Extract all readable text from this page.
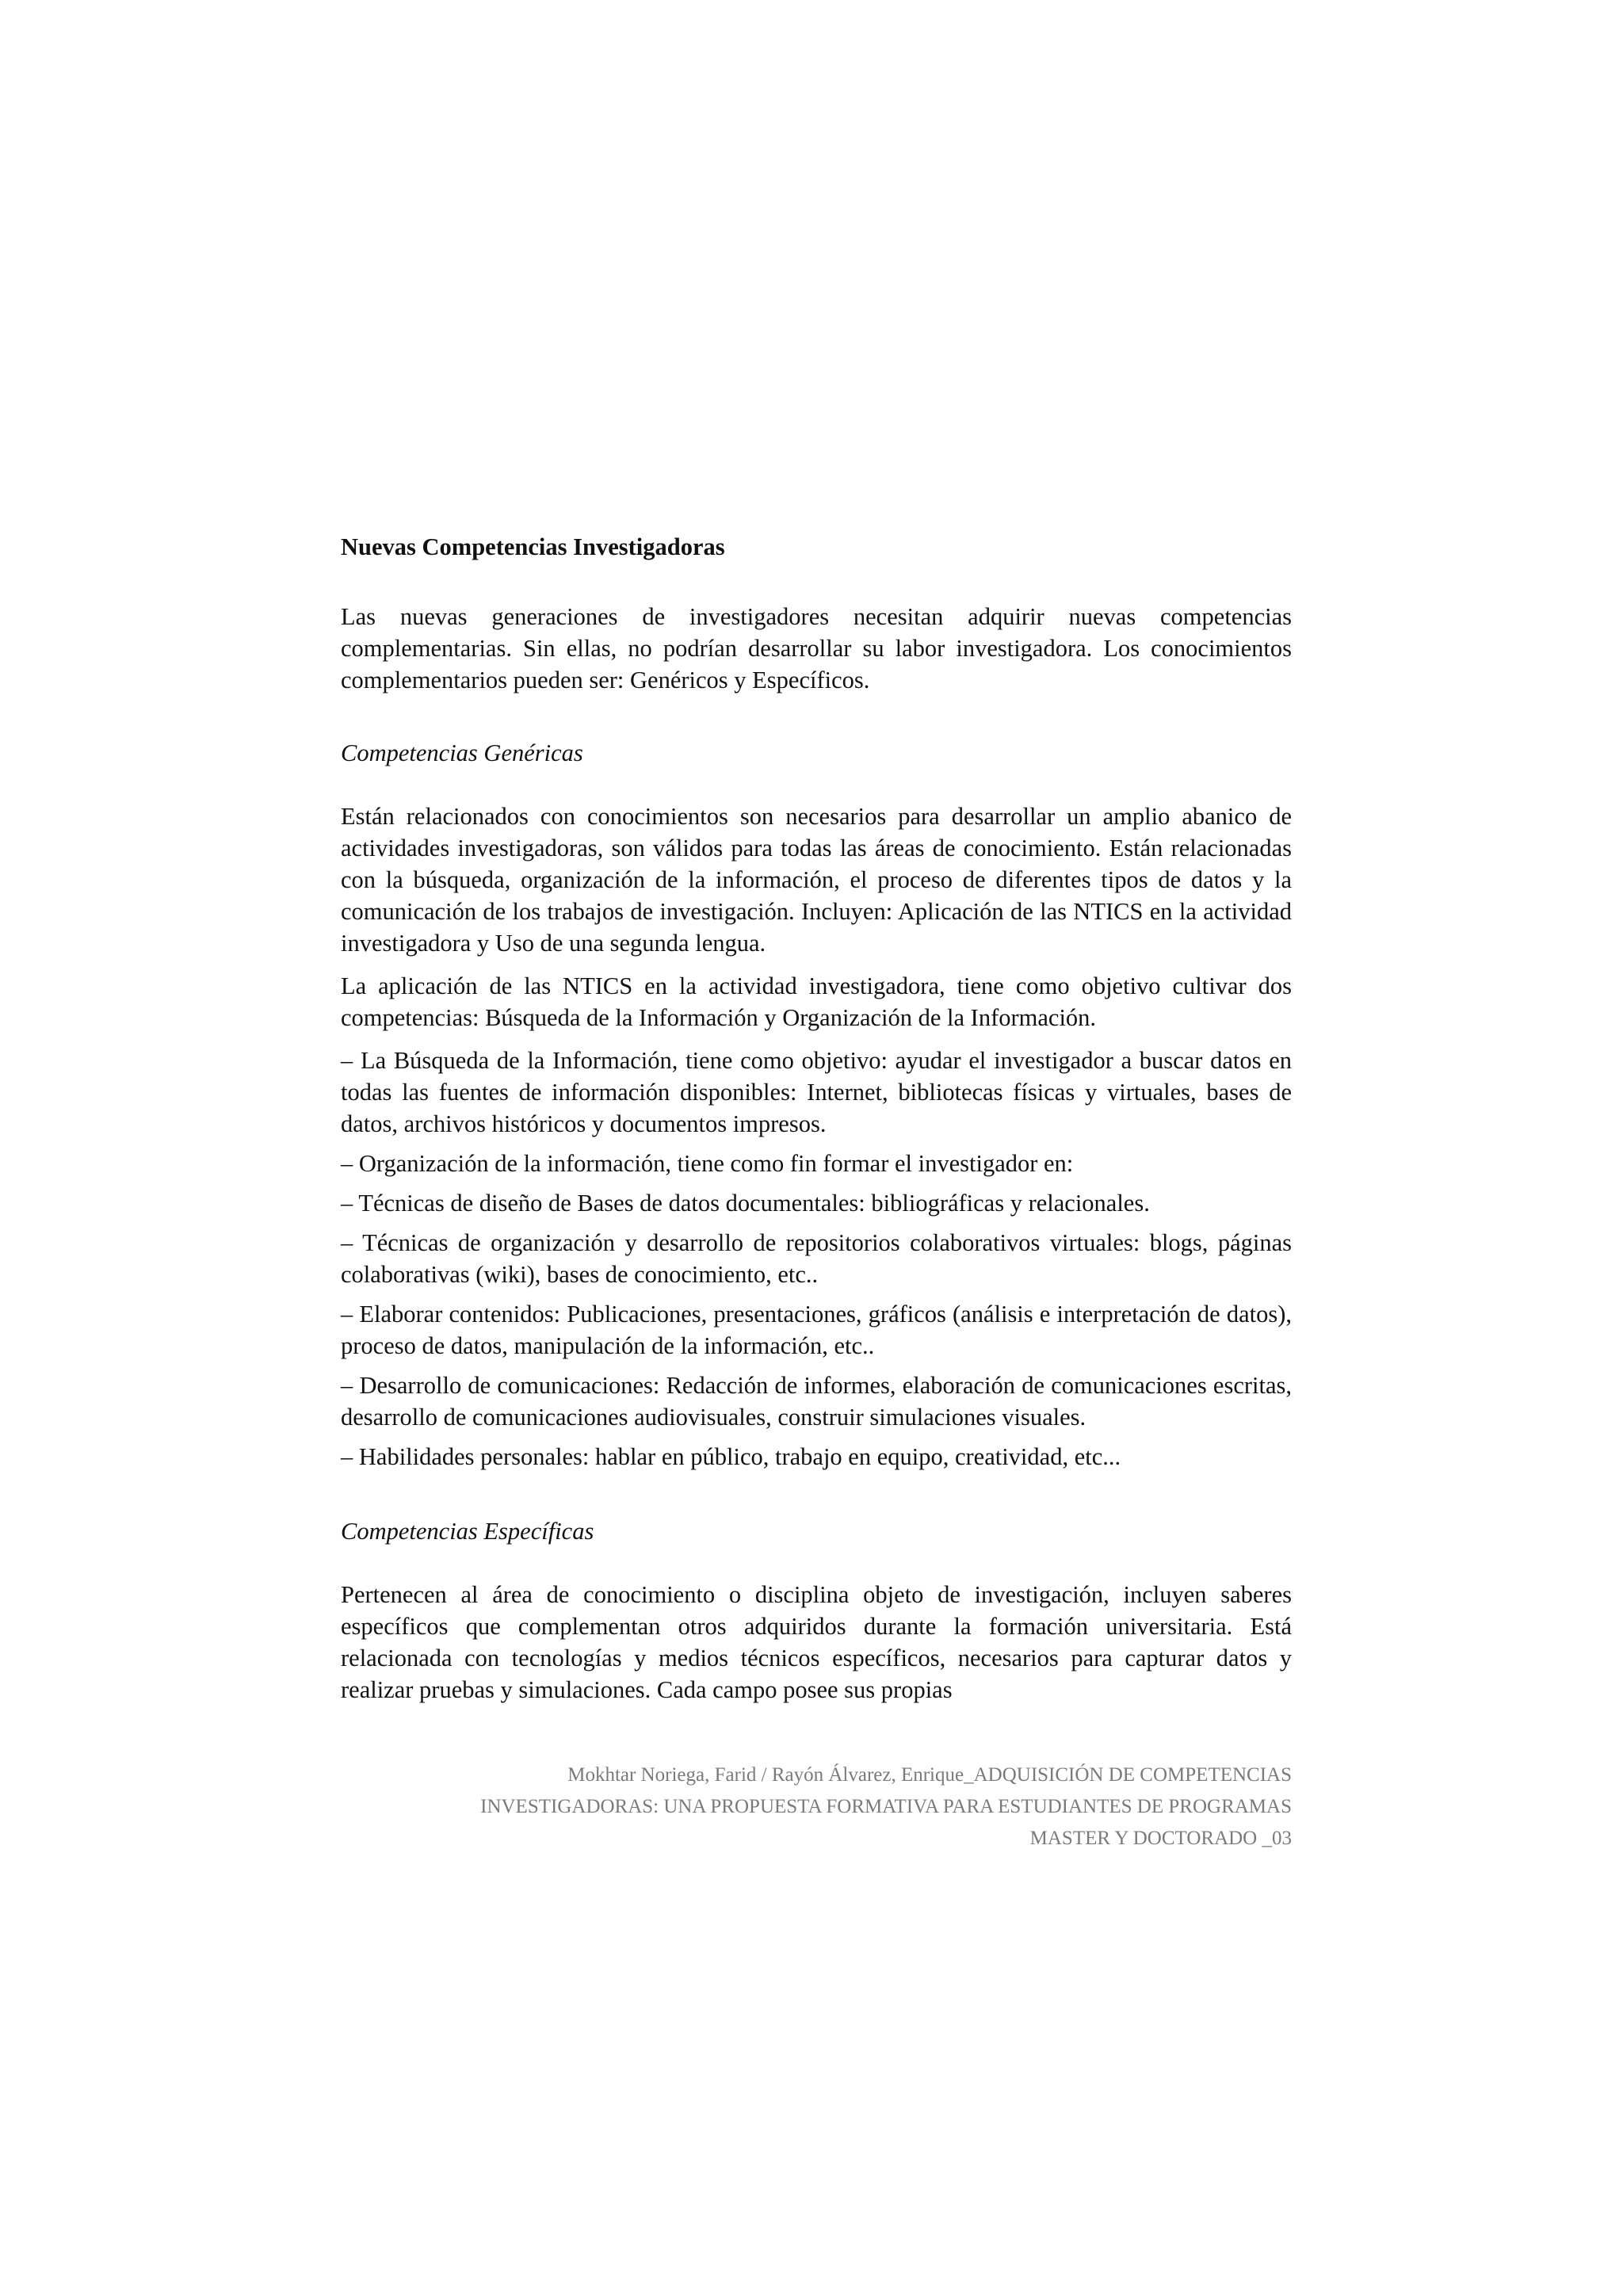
Nuevas Competencias Investigadoras

Las nuevas generaciones de investigadores necesitan adquirir nuevas competencias complementarias. Sin ellas, no podrían desarrollar su labor investigadora. Los conocimientos complementarios pueden ser: Genéricos y Específicos.

Competencias Genéricas

Están relacionados con conocimientos son necesarios para desarrollar un amplio abanico de actividades investigadoras, son válidos para todas las áreas de conocimiento. Están relacionadas con la búsqueda, organización de la información, el proceso de diferentes tipos de datos y la comunicación de los trabajos de investigación. Incluyen: Aplicación de las NTICS en la actividad investigadora y Uso de una segunda lengua.

La aplicación de las NTICS en la actividad investigadora, tiene como objetivo cultivar dos competencias: Búsqueda de la Información y Organización de la Información.

– La Búsqueda de la Información, tiene como objetivo: ayudar el investigador a buscar datos en todas las fuentes de información disponibles: Internet, bibliotecas físicas y virtuales, bases de datos, archivos históricos y documentos impresos.

– Organización de la información, tiene como fin formar el investigador en:

– Técnicas de diseño de Bases de datos documentales: bibliográficas y relacionales.

– Técnicas de organización y desarrollo de repositorios colaborativos virtuales: blogs, páginas colaborativas (wiki), bases de conocimiento, etc..

– Elaborar contenidos: Publicaciones, presentaciones, gráficos (análisis e interpretación de datos), proceso de datos, manipulación de la información, etc..

– Desarrollo de comunicaciones: Redacción de informes, elaboración de comunicaciones escritas, desarrollo de comunicaciones audiovisuales, construir simulaciones visuales.

– Habilidades personales: hablar en público, trabajo en equipo, creatividad, etc...

Competencias Específicas

Pertenecen al área de conocimiento o disciplina objeto de investigación, incluyen saberes específicos que complementan otros adquiridos durante la formación universitaria. Está relacionada con tecnologías y medios técnicos específicos, necesarios para capturar datos y realizar pruebas y simulaciones. Cada campo posee sus propias

Mokhtar Noriega, Farid / Rayón Álvarez, Enrique_ADQUISICIÓN DE COMPETENCIAS
INVESTIGADORAS: UNA PROPUESTA FORMATIVA PARA ESTUDIANTES DE PROGRAMAS
MASTER Y DOCTORADO _03
